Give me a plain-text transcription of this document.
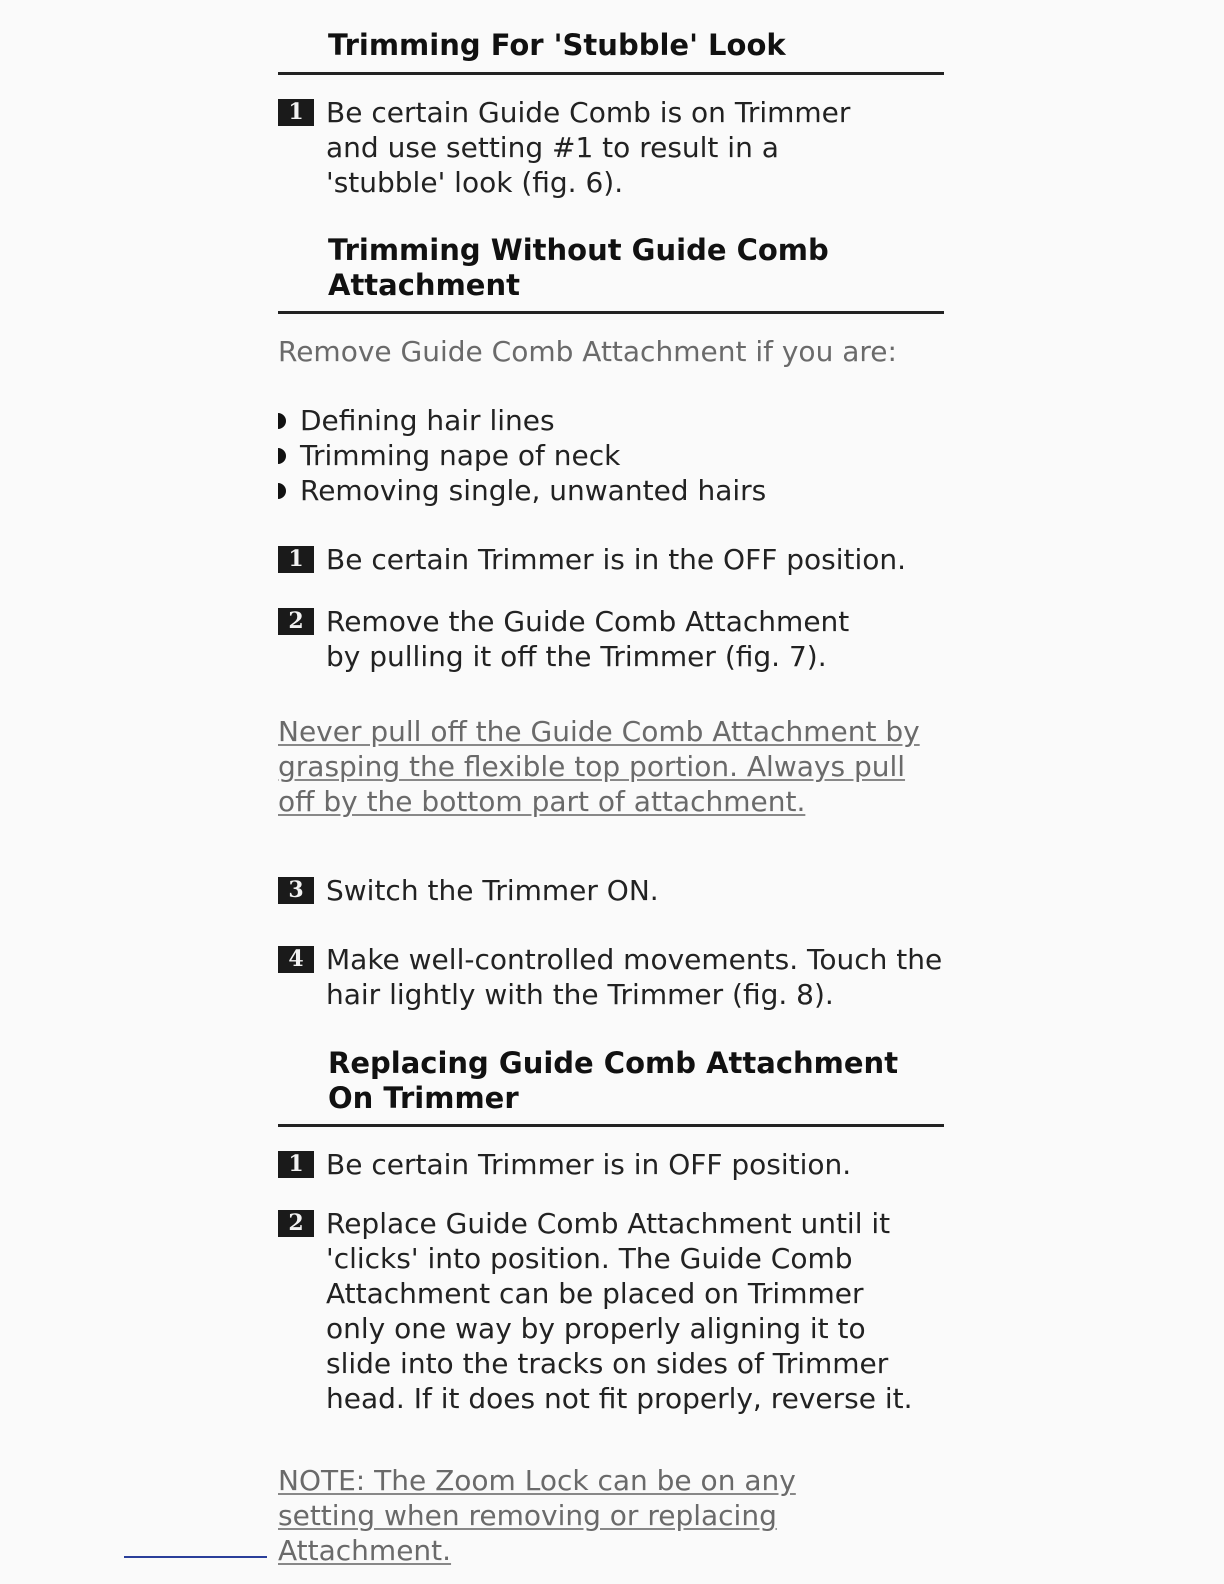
Trimming For 'Stubble' Look
1 Be certain Guide Comb is on Trimmer and use setting #1 to result in a 'stubble' look (fig. 6).
Trimming Without Guide Comb Attachment
Remove Guide Comb Attachment if you are:
Defining hair lines
Trimming nape of neck
Removing single, unwanted hairs
1 Be certain Trimmer is in the OFF position.
2 Remove the Guide Comb Attachment by pulling it off the Trimmer (fig. 7).
Never pull off the Guide Comb Attachment by grasping the flexible top portion. Always pull off by the bottom part of attachment.
3 Switch the Trimmer ON.
4 Make well-controlled movements. Touch the hair lightly with the Trimmer (fig. 8).
Replacing Guide Comb Attachment On Trimmer
1 Be certain Trimmer is in OFF position.
2 Replace Guide Comb Attachment until it 'clicks' into position. The Guide Comb Attachment can be placed on Trimmer only one way by properly aligning it to slide into the tracks on sides of Trimmer head. If it does not fit properly, reverse it.
NOTE: The Zoom Lock can be on any setting when removing or replacing Attachment.
